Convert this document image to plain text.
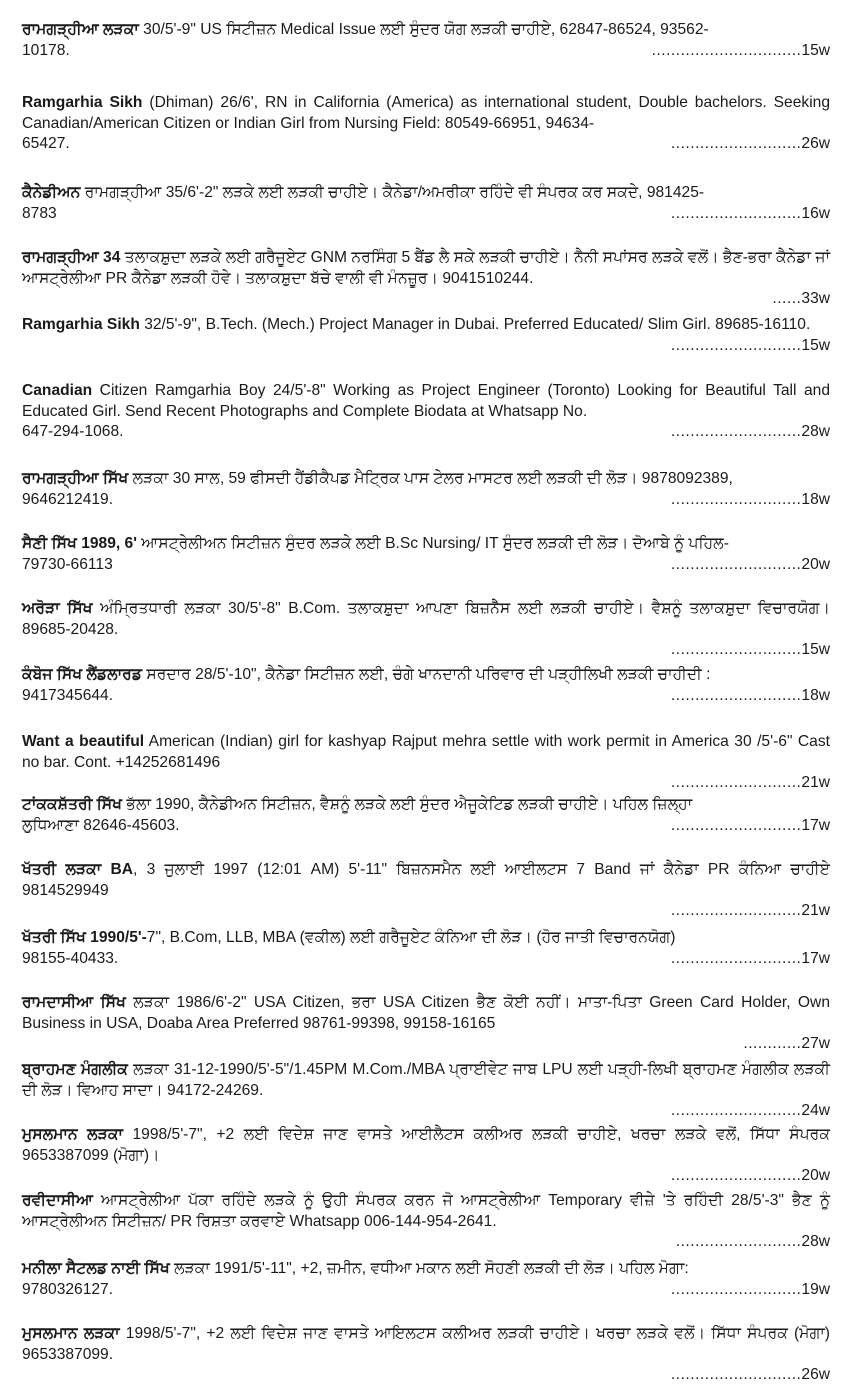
ਰਾਮਗੜ੍ਹੀਆ ਲੜਕਾ 30/5'-9" US ਸਿਟੀਜ਼ਨ Medical Issue ਲਈ ਸੁੰਦਰ ਯੋਗ ਲੜਕੀ ਚਾਹੀਏ, 62847-86524, 93562-
10178.	............................... 15w
Ramgarhia Sikh (Dhiman) 26/6', RN in California (America) as international student, Double bachelors. Seeking Canadian/American Citizen or Indian Girl from Nursing Field: 80549-66951, 94634-
65427.	........................... 26w
ਕੈਨੇਡੀਅਨ ਰਾਮਗੜ੍ਹੀਆ 35/6'-2" ਲੜਕੇ ਲਈ ਲੜਕੀ ਚਾਹੀਏ। ਕੈਨੇਡਾ/ਅਮਰੀਕਾ ਰਹਿੰਦੇ ਵੀ ਸੰਪਰਕ ਕਰ ਸਕਦੇ, 981425-
8783	........................... 16w
ਰਾਮਗੜ੍ਹੀਆ 34 ਤਲਾਕਸ਼ੁਦਾ ਲੜਕੇ ਲਈ ਗਰੈਜੂਏਟ GNM ਨਰਸਿੰਗ 5 ਬੈਂਡ ਲੈ ਸਕੇ ਲੜਕੀ ਚਾਹੀਏ। ਨੈਨੀ ਸਪਾਂਸਰ ਲੜਕੇ ਵਲੋਂ। ਭੈਣ-ਭਰਾ ਕੈਨੇਡਾ ਜਾਂ ਆਸਟ੍ਰੇਲੀਆ PR ਕੈਨੇਡਾ ਲੜਕੀ ਹੋਵੇ। ਤਲਾਕਸ਼ੁਦਾ ਬੱਚੇ ਵਾਲੀ ਵੀ ਮੰਨਜ਼ੂਰ। 9041510244.
...... 33w
Ramgarhia Sikh 32/5'-9", B.Tech. (Mech.) Project Manager in Dubai. Preferred Educated/ Slim Girl. 89685-16110.
........................... 15w
Canadian Citizen Ramgarhia Boy 24/5'-8" Working as Project Engineer (Toronto) Looking for Beautiful Tall and Educated Girl. Send Recent Photographs and Complete Biodata at Whatsapp No.
647-294-1068.	........................... 28w
ਰਾਮਗੜ੍ਹੀਆ ਸਿੱਖ ਲੜਕਾ 30 ਸਾਲ, 59 ਫੀਸਦੀ ਹੈਂਡੀਕੈਪਡ ਮੈਟ੍ਰਿਕ ਪਾਸ ਟੇਲਰ ਮਾਸਟਰ ਲਈ ਲੜਕੀ ਦੀ ਲੋੜ। 9878092389,
9646212419.	........................... 18w
ਸੈਣੀ ਸਿੱਖ 1989, 6' ਆਸਟ੍ਰੇਲੀਅਨ ਸਿਟੀਜ਼ਨ ਸੁੰਦਰ ਲੜਕੇ ਲਈ B.Sc Nursing/ IT ਸੁੰਦਰ ਲੜਕੀ ਦੀ ਲੋੜ। ਦੋਆਬੇ ਨੂੰ ਪਹਿਲ-
79730-66113	........................... 20w
ਅਰੋੜਾ ਸਿੱਖ ਅੰਮ੍ਰਿਤਧਾਰੀ ਲੜਕਾ 30/5'-8" B.Com. ਤਲਾਕਸ਼ੁਦਾ ਆਪਣਾ ਬਿਜ਼ਨੈੱਸ ਲਈ ਲੜਕੀ ਚਾਹੀਏ। ਵੈਸ਼ਨੂੰ ਤਲਾਕਸ਼ੁਦਾ ਵਿਚਾਰਯੋਗ। 89685-20428.
........................... 15w
ਕੰਬੋਜ ਸਿੱਖ ਲੈਂਡਲਾਰਡ ਸਰਦਾਰ 28/5'-10", ਕੈਨੇਡਾ ਸਿਟੀਜ਼ਨ ਲਈ, ਚੰਗੇ ਖਾਨਦਾਨੀ ਪਰਿਵਾਰ ਦੀ ਪੜ੍ਹੀਲਿਖੀ ਲੜਕੀ ਚਾਹੀਦੀ :
9417345644.	........................... 18w
Want a beautiful American (Indian) girl for kashyap Rajput mehra settle with work permit in America 30 /5'-6" Cast no bar. Cont. +14252681496
........................... 21w
ਟਾਂਕਕਸ਼ੱਤਰੀ ਸਿੱਖ ਭੱਲਾ 1990, ਕੈਨੇਡੀਅਨ ਸਿਟੀਜ਼ਨ, ਵੈਸ਼ਨੂੰ ਲੜਕੇ ਲਈ ਸੁੰਦਰ ਐਜੂਕੇਟਿਡ ਲੜਕੀ ਚਾਹੀਏ। ਪਹਿਲ ਜ਼ਿਲ੍ਹਾ
ਲੁਧਿਆਣਾ 82646-45603.	........................... 17w
ਖੱਤਰੀ ਲੜਕਾ BA, 3 ਜੁਲਾਈ 1997 (12:01 AM) 5'-11" ਬਿਜ਼ਨਸਮੈਨ ਲਈ ਆਈਲਟਸ 7 Band ਜਾਂ ਕੈਨੇਡਾ PR ਕੰਨਿਆ ਚਾਹੀਏ 9814529949
........................... 21w
ਖੱਤਰੀ ਸਿੱਖ 1990/5'-7", B.Com, LLB, MBA (ਵਕੀਲ) ਲਈ ਗਰੈਜੂਏਟ ਕੰਨਿਆ ਦੀ ਲੋੜ। (ਹੋਰ ਜਾਤੀ ਵਿਚਾਰਨਯੋਗ)
98155-40433.	........................... 17w
ਰਾਮਦਾਸੀਆ ਸਿੱਖ ਲੜਕਾ 1986/6'-2" USA Citizen, ਭਰਾ USA Citizen ਭੈਣ ਕੋਈ ਨਹੀਂ। ਮਾਤਾ-ਪਿਤਾ Green Card Holder, Own Business in USA, Doaba Area Preferred 98761-99398, 99158-16165
............ 27w
ਬ੍ਰਾਹਮਣ ਮੰਗਲੀਕ ਲੜਕਾ 31-12-1990/5'-5"/1.45PM M.Com./MBA ਪ੍ਰਾਈਵੇਟ ਜਾਬ LPU ਲਈ ਪੜ੍ਹੀ-ਲਿਖੀ ਬ੍ਰਾਹਮਣ ਮੰਗਲੀਕ ਲੜਕੀ ਦੀ ਲੋੜ। ਵਿਆਹ ਸਾਦਾ। 94172-24269.
........................... 24w
ਮੁਸਲਮਾਨ ਲੜਕਾ 1998/5'-7", +2 ਲਈ ਵਿਦੇਸ਼ ਜਾਣ ਵਾਸਤੇ ਆਈਲੈਟਸ ਕਲੀਅਰ ਲੜਕੀ ਚਾਹੀਏ, ਖਰਚਾ ਲੜਕੇ ਵਲੋਂ, ਸਿੱਧਾ ਸੰਪਰਕ 9653387099 (ਮੋਗਾ)।
........................... 20w
ਰਵੀਦਾਸੀਆ ਆਸਟ੍ਰੇਲੀਆ ਪੱਕਾ ਰਹਿੰਦੇ ਲੜਕੇ ਨੂੰ ਉਹੀ ਸੰਪਰਕ ਕਰਨ ਜੋ ਆਸਟ੍ਰੇਲੀਆ Temporary ਵੀਜ਼ੇ 'ਤੇ ਰਹਿੰਦੀ 28/5'-3" ਭੈਣ ਨੂੰ ਆਸਟ੍ਰੇਲੀਅਨ ਸਿਟੀਜ਼ਨ/ PR ਰਿਸ਼ਤਾ ਕਰਵਾਏ Whatsapp 006-144-954-2641.
.......................... 28w
ਮਨੀਲਾ ਸੈਟਲਡ ਨਾਈ ਸਿੱਖ ਲੜਕਾ 1991/5'-11", +2, ਜ਼ਮੀਨ, ਵਧੀਆ ਮਕਾਨ ਲਈ ਸੋਹਣੀ ਲੜਕੀ ਦੀ ਲੋੜ। ਪਹਿਲ ਮੋਗਾ:
9780326127.	........................... 19w
ਮੁਸਲਮਾਨ ਲੜਕਾ 1998/5'-7", +2 ਲਈ ਵਿਦੇਸ਼ ਜਾਣ ਵਾਸਤੇ ਆਇਲਟਸ ਕਲੀਅਰ ਲੜਕੀ ਚਾਹੀਏ। ਖਰਚਾ ਲੜਕੇ ਵਲੋਂ। ਸਿੱਧਾ ਸੰਪਰਕ (ਮੋਗਾ) 9653387099.
........................... 26w
